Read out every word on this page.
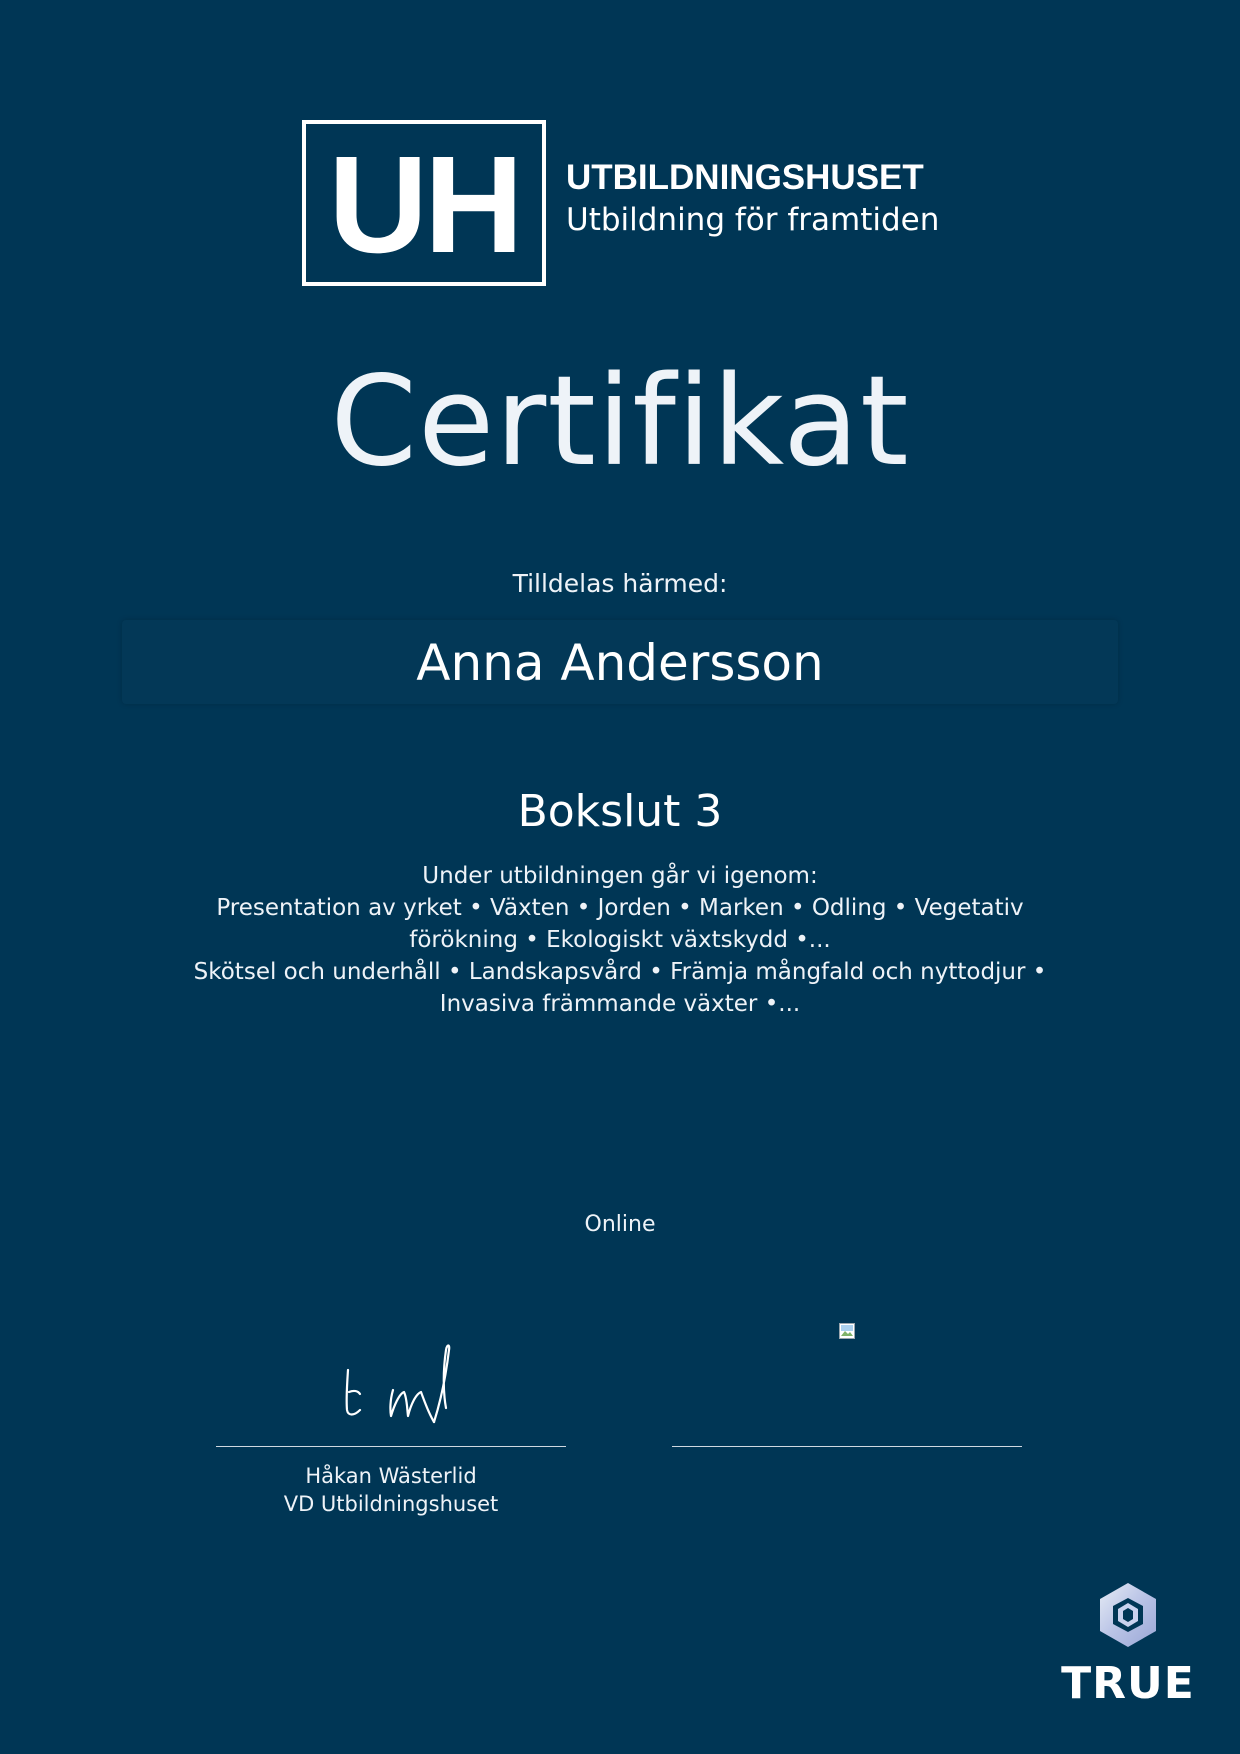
UH UTBILDNINGSHUSET
Utbildning för framtiden
Certifikat
Tilldelas härmed:
Anna Andersson
Bokslut 3
Under utbildningen går vi igenom:
Presentation av yrket • Växten • Jorden • Marken • Odling • Vegetativ
förökning • Ekologiskt växtskydd •...
Skötsel och underhåll • Landskapsvård • Främja mångfald och nyttodjur •
Invasiva främmande växter •...
Online
Håkan Wästerlid
VD Utbildningshuset
TRUE
